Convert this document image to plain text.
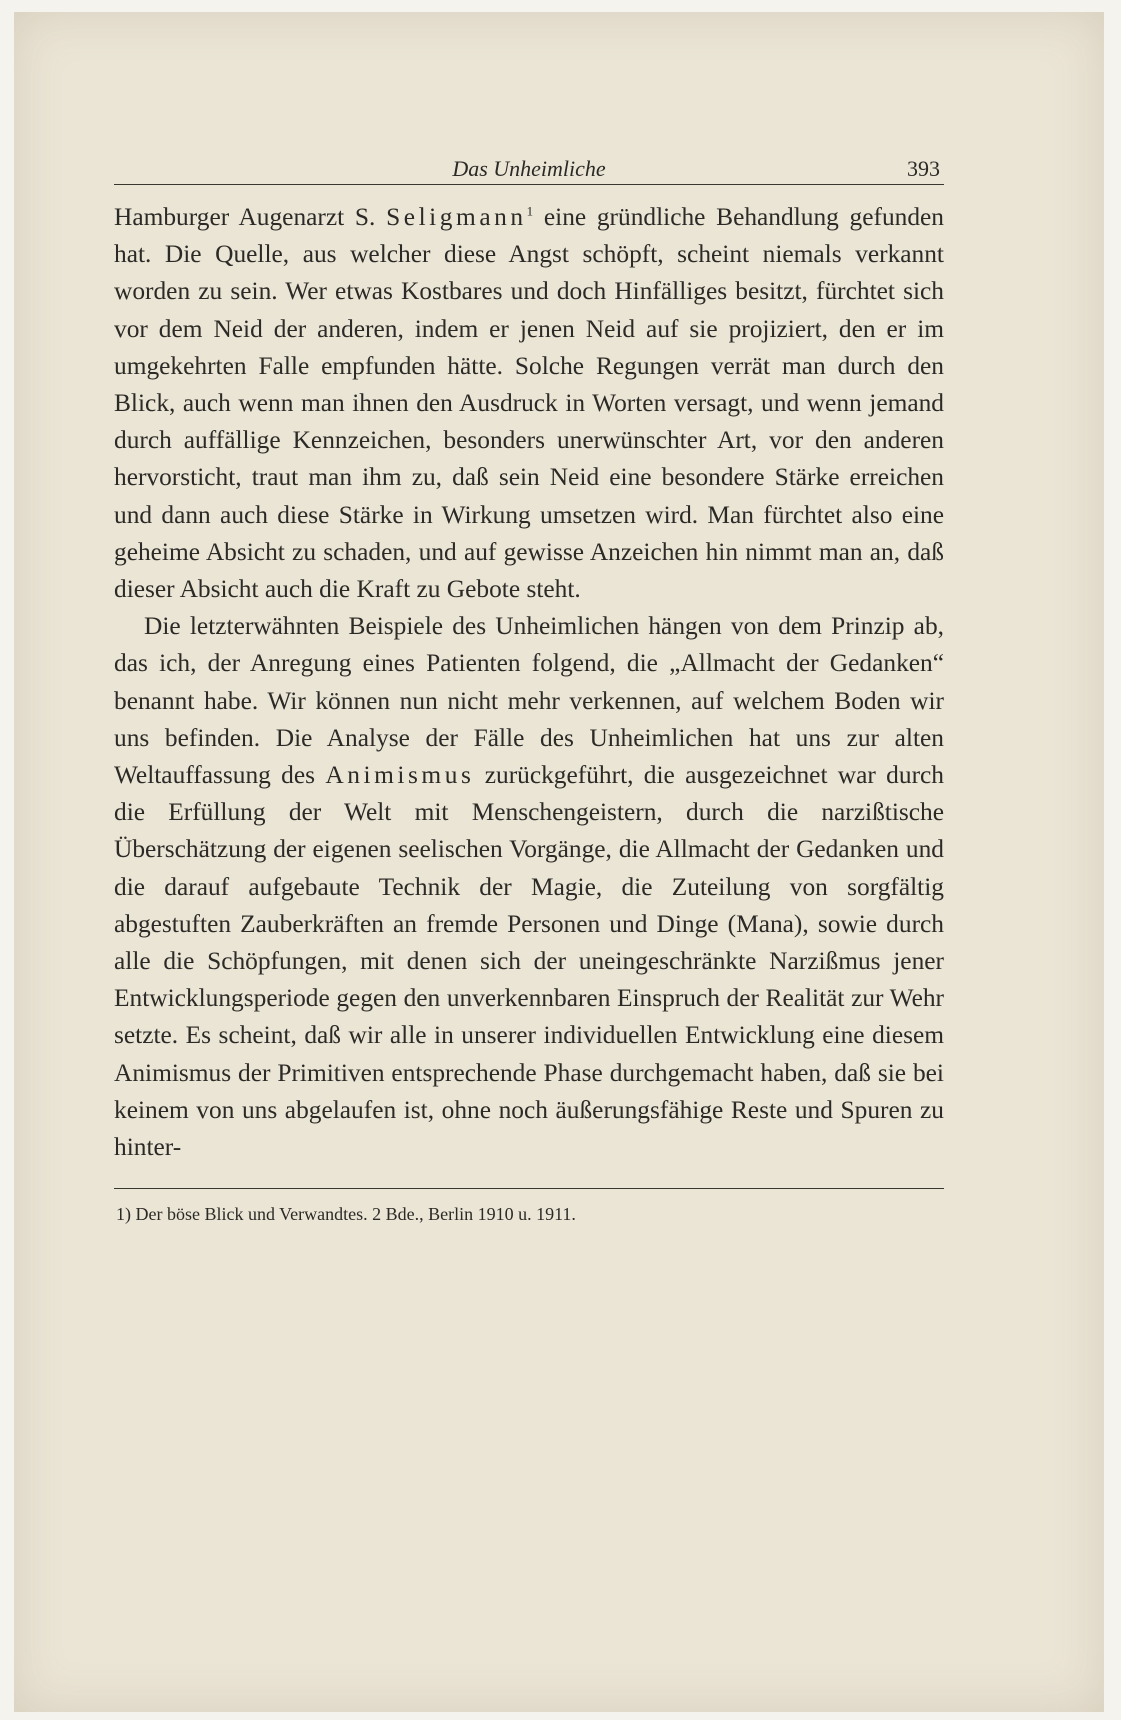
Das Unheimliche	393

Hamburger Augenarzt S. Seligmann$^1$ eine gründliche Behandlung gefunden hat. Die Quelle, aus welcher diese Angst schöpft, scheint niemals verkannt worden zu sein. Wer etwas Kostbares und doch Hinfälliges besitzt, fürchtet sich vor dem Neid der anderen, indem er jenen Neid auf sie projiziert, den er im umgekehrten Falle empfunden hätte. Solche Regungen verrät man durch den Blick, auch wenn man ihnen den Ausdruck in Worten versagt, und wenn jemand durch auffällige Kennzeichen, besonders unerwünschter Art, vor den anderen hervorsticht, traut man ihm zu, daß sein Neid eine besondere Stärke erreichen und dann auch diese Stärke in Wirkung umsetzen wird. Man fürchtet also eine geheime Absicht zu schaden, und auf gewisse Anzeichen hin nimmt man an, daß dieser Absicht auch die Kraft zu Gebote steht.

Die letzterwähnten Beispiele des Unheimlichen hängen von dem Prinzip ab, das ich, der Anregung eines Patienten folgend, die „Allmacht der Gedanken“ benannt habe. Wir können nun nicht mehr verkennen, auf welchem Boden wir uns befinden. Die Analyse der Fälle des Unheimlichen hat uns zur alten Weltauffassung des Animismus zurückgeführt, die ausgezeichnet war durch die Erfüllung der Welt mit Menschengeistern, durch die narzißtische Überschätzung der eigenen seelischen Vorgänge, die Allmacht der Gedanken und die darauf aufgebaute Technik der Magie, die Zuteilung von sorgfältig abgestuften Zauberkräften an fremde Personen und Dinge (Mana), sowie durch alle die Schöpfungen, mit denen sich der uneingeschränkte Narzißmus jener Entwicklungsperiode gegen den unverkennbaren Einspruch der Realität zur Wehr setzte. Es scheint, daß wir alle in unserer individuellen Entwicklung eine diesem Animismus der Primitiven entsprechende Phase durchgemacht haben, daß sie bei keinem von uns abgelaufen ist, ohne noch äußerungsfähige Reste und Spuren zu hinter-

1) Der böse Blick und Verwandtes. 2 Bde., Berlin 1910 u. 1911.
